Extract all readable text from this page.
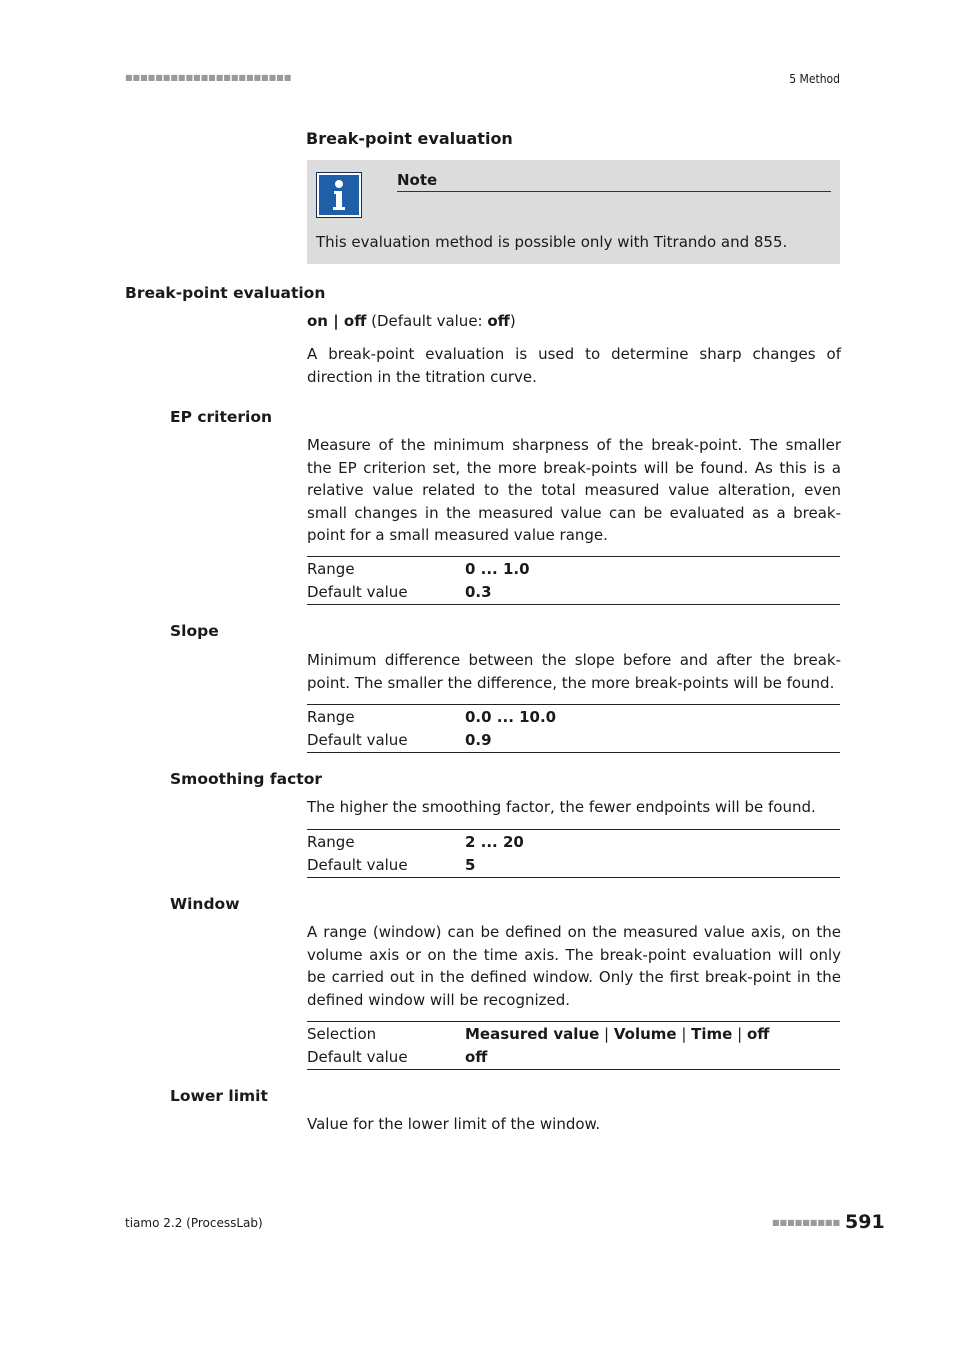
■■■■■■■■■■■■■■■■■■■■■■	5 Method
Break-point evaluation
Note
This evaluation method is possible only with Titrando and 855.
Break-point evaluation
on | off (Default value: off)
A break-point evaluation is used to determine sharp changes of direction in the titration curve.
EP criterion
Measure of the minimum sharpness of the break-point. The smaller the EP criterion set, the more break-points will be found. As this is a relative value related to the total measured value alteration, even small changes in the measured value can be evaluated as a break-point for a small measured value range.
Range	0 ... 1.0
Default value	0.3
Slope
Minimum difference between the slope before and after the break-point. The smaller the difference, the more break-points will be found.
Range	0.0 ... 10.0
Default value	0.9
Smoothing factor
The higher the smoothing factor, the fewer endpoints will be found.
Range	2 ... 20
Default value	5
Window
A range (window) can be defined on the measured value axis, on the volume axis or on the time axis. The break-point evaluation will only be carried out in the defined window. Only the first break-point in the defined window will be recognized.
Selection	Measured value | Volume | Time | off
Default value	off
Lower limit
Value for the lower limit of the window.
tiamo 2.2 (ProcessLab)	■■■■■■■■■ 591
